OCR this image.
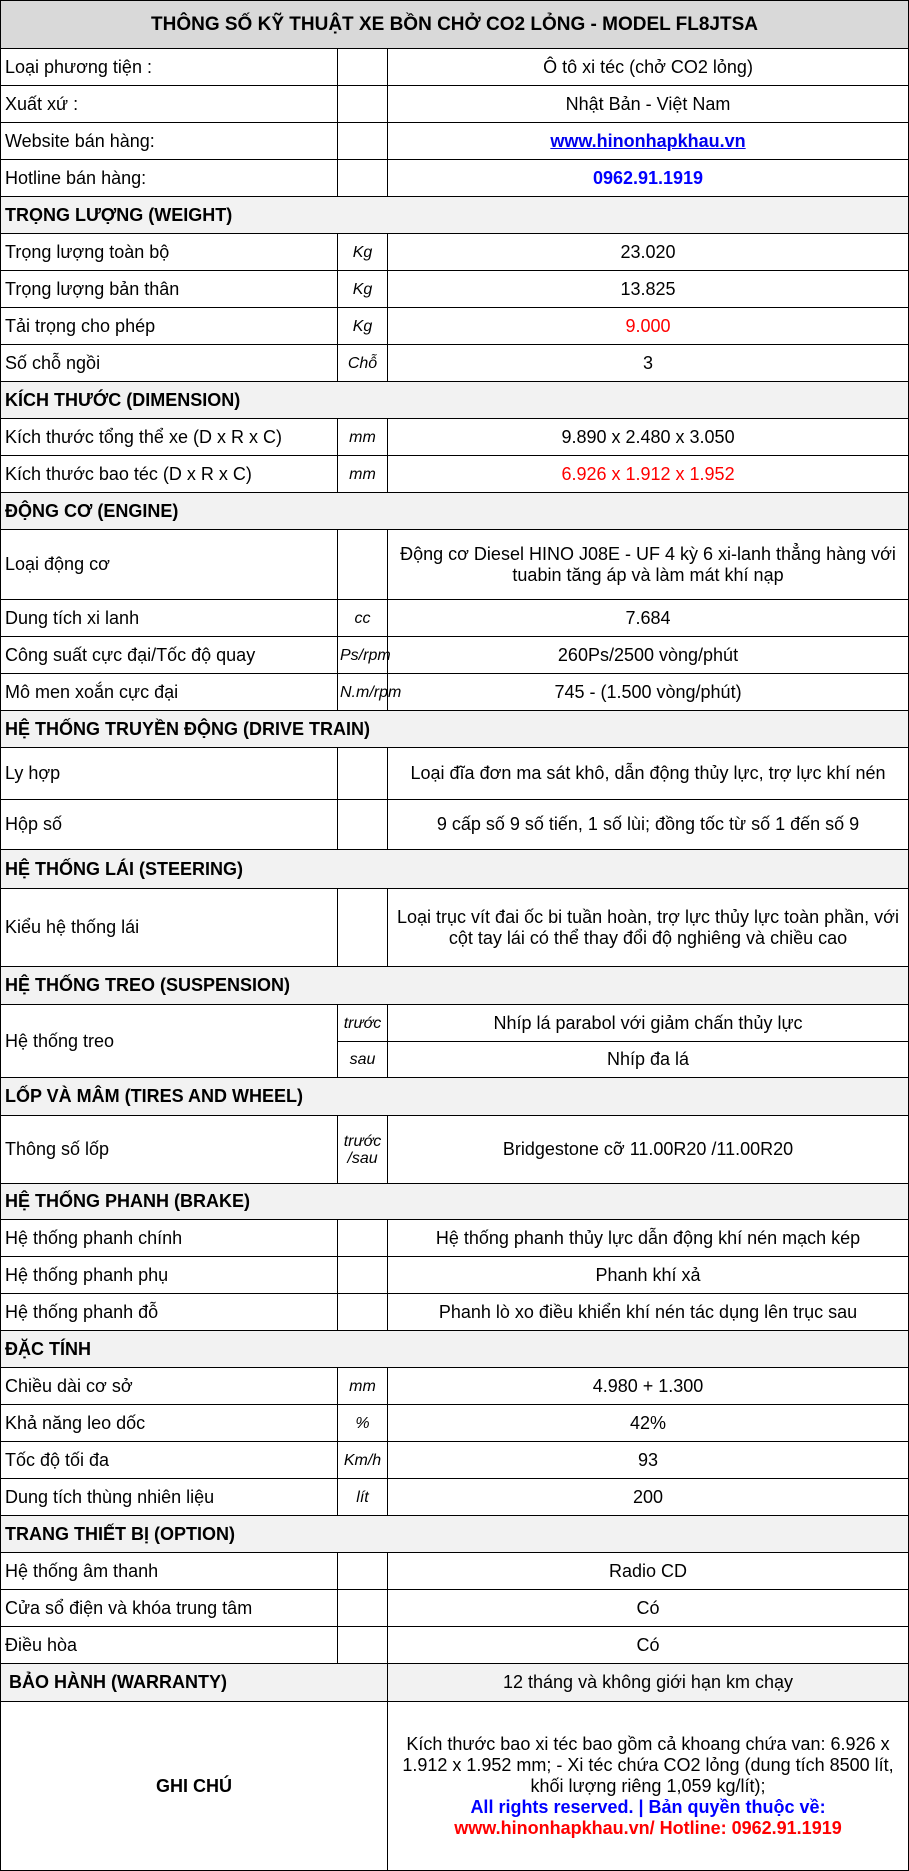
THÔNG SỐ KỸ THUẬT XE BỒN CHỞ CO2 LỎNG - MODEL FL8JTSA		
Loại phương tiện :		Ô tô xi téc (chở CO2 lỏng)
Xuất xứ :		Nhật Bản - Việt Nam
Website bán hàng:		www.hinonhapkhau.vn
Hotline bán hàng:		0962.91.1919
TRỌNG LƯỢNG (WEIGHT)		
Trọng lượng toàn bộ	Kg	23.020
Trọng lượng bản thân	Kg	13.825
Tải trọng cho phép	Kg	9.000
Số chỗ ngồi	Chỗ	3
KÍCH THƯỚC (DIMENSION)		
Kích thước tổng thể xe (D x R x C)	mm	9.890 x 2.480 x 3.050
Kích thước bao téc (D x R x C)	mm	6.926 x 1.912 x 1.952
ĐỘNG CƠ (ENGINE)		
Loại động cơ		Động cơ Diesel HINO J08E - UF 4 kỳ 6 xi-lanh thẳng hàng với tuabin tăng áp và làm mát khí nạp
Dung tích xi lanh	cc	7.684
Công suất cực đại/Tốc độ quay	Ps/rpm	260Ps/2500 vòng/phút
Mô men xoắn cực đại	N.m/rpm	745 - (1.500 vòng/phút)
HỆ THỐNG TRUYỀN ĐỘNG (DRIVE TRAIN)		
Ly hợp		Loại đĩa đơn ma sát khô, dẫn động thủy lực, trợ lực khí nén
Hộp số		9 cấp số 9 số tiến, 1 số lùi; đồng tốc từ số 1 đến số 9
HỆ THỐNG LÁI (STEERING)		
Kiểu hệ thống lái		Loại trục vít đai ốc bi tuần hoàn, trợ lực thủy lực toàn phần, với cột tay lái có thể thay đổi độ nghiêng và chiều cao
HỆ THỐNG TREO (SUSPENSION)		
Hệ thống treo	trước	Nhíp lá parabol với giảm chấn thủy lực
	sau	Nhíp đa lá
LỐP VÀ MÂM (TIRES AND WHEEL)		
Thông số lốp	trước /sau	Bridgestone cỡ 11.00R20 /11.00R20
HỆ THỐNG PHANH (BRAKE)		
Hệ thống phanh chính		Hệ thống phanh thủy lực dẫn động khí nén mạch kép
Hệ thống phanh phụ		Phanh khí xả
Hệ thống phanh đỗ		Phanh lò xo điều khiển khí nén tác dụng lên trục sau
ĐẶC TÍNH		
Chiều dài cơ sở	mm	4.980 + 1.300
Khả năng leo dốc	%	42%
Tốc độ tối đa	Km/h	93
Dung tích thùng nhiên liệu	lít	200
TRANG THIẾT BỊ (OPTION)		
Hệ thống âm thanh		Radio CD
Cửa sổ điện và khóa trung tâm		Có
Điều hòa		Có
BẢO HÀNH (WARRANTY)		12 tháng và không giới hạn km chạy
GHI CHÚ		Kích thước bao xi téc bao gồm cả khoang chứa van: 6.926 x 1.912 x 1.952 mm; - Xi téc chứa CO2 lỏng (dung tích 8500 lít, khối lượng riêng 1,059 kg/lít);
All rights reserved. | Bản quyền thuộc về:
www.hinonhapkhau.vn/ Hotline: 0962.91.1919
